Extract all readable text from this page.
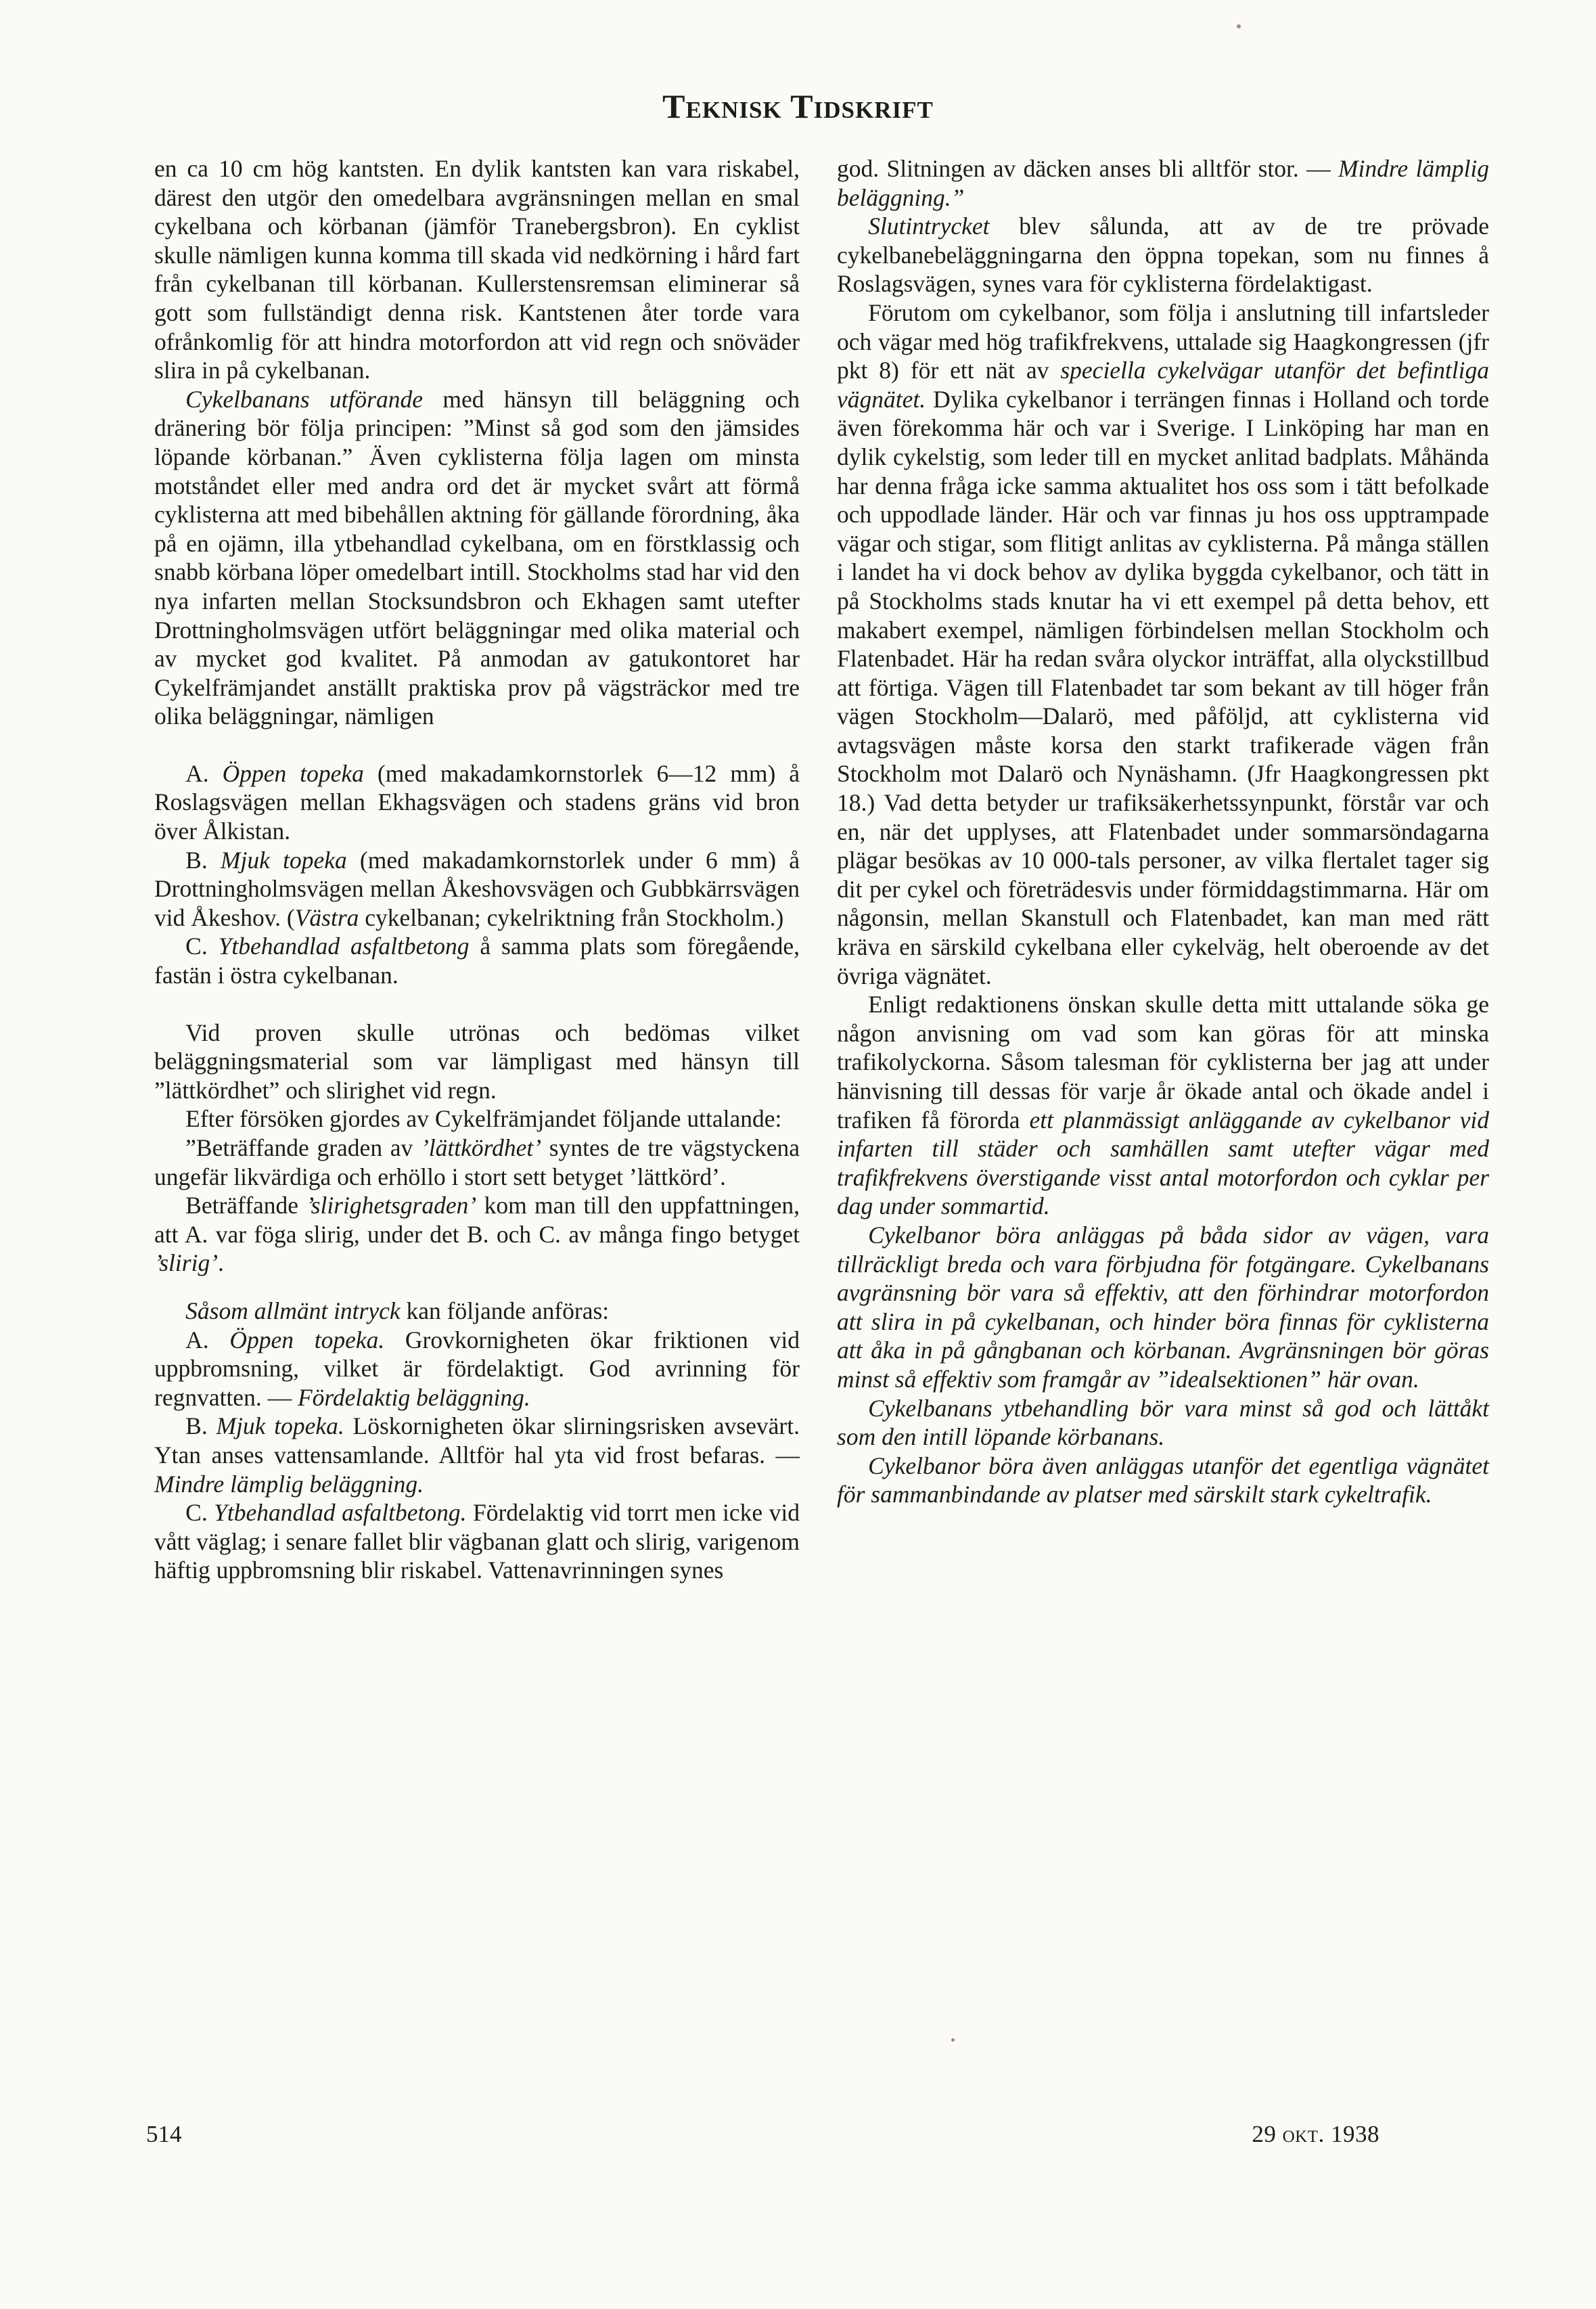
Teknisk Tidskrift

en ca 10 cm hög kantsten. En dylik kantsten kan vara riskabel, därest den utgör den omedelbara avgränsningen mellan en smal cykelbana och körbanan (jämför Tranebergsbron). En cyklist skulle nämligen kunna komma till skada vid nedkörning i hård fart från cykelbanan till körbanan. Kullerstensremsan eliminerar så gott som fullständigt denna risk. Kantstenen åter torde vara ofrånkomlig för att hindra motorfordon att vid regn och snöväder slira in på cykelbanan.

Cykelbanans utförande med hänsyn till beläggning och dränering bör följa principen: ”Minst så god som den jämsides löpande körbanan.” Även cyklisterna följa lagen om minsta motståndet eller med andra ord det är mycket svårt att förmå cyklisterna att med bibehållen aktning för gällande förordning, åka på en ojämn, illa ytbehandlad cykelbana, om en förstklassig och snabb körbana löper omedelbart intill. Stockholms stad har vid den nya infarten mellan Stocksundsbron och Ekhagen samt utefter Drottningholmsvägen utfört beläggningar med olika material och av mycket god kvalitet. På anmodan av gatukontoret har Cykelfrämjandet anställt praktiska prov på vägsträckor med tre olika beläggningar, nämligen

A. Öppen topeka (med makadamkornstorlek 6—12 mm) å Roslagsvägen mellan Ekhagsvägen och stadens gräns vid bron över Ålkistan.

B. Mjuk topeka (med makadamkornstorlek under 6 mm) å Drottningholmsvägen mellan Åkeshovsvägen och Gubbkärrsvägen vid Åkeshov. (Västra cykelbanan; cykelriktning från Stockholm.)

C. Ytbehandlad asfaltbetong å samma plats som föregående, fastän i östra cykelbanan.

Vid proven skulle utrönas och bedömas vilket beläggningsmaterial som var lämpligast med hänsyn till ”lättkördhet” och slirighet vid regn.

Efter försöken gjordes av Cykelfrämjandet följande uttalande:

”Beträffande graden av ’lättkördhet’ syntes de tre vägstyckena ungefär likvärdiga och erhöllo i stort sett betyget ’lättkörd’.

Beträffande ’slirighetsgraden’ kom man till den uppfattningen, att A. var föga slirig, under det B. och C. av många fingo betyget ’slirig’.

Såsom allmänt intryck kan följande anföras:

A. Öppen topeka. Grovkornigheten ökar friktionen vid uppbromsning, vilket är fördelaktigt. God avrinning för regnvatten. — Fördelaktig beläggning.

B. Mjuk topeka. Löskornigheten ökar slirningsrisken avsevärt. Ytan anses vattensamlande. Alltför hal yta vid frost befaras. — Mindre lämplig beläggning.

C. Ytbehandlad asfaltbetong. Fördelaktig vid torrt men icke vid vått väglag; i senare fallet blir vägbanan glatt och slirig, varigenom häftig uppbromsning blir riskabel. Vattenavrinningen synes

god. Slitningen av däcken anses bli alltför stor. — Mindre lämplig beläggning.”

Slutintrycket blev sålunda, att av de tre prövade cykelbanebeläggningarna den öppna topekan, som nu finnes å Roslagsvägen, synes vara för cyklisterna fördelaktigast.

Förutom om cykelbanor, som följa i anslutning till infartsleder och vägar med hög trafikfrekvens, uttalade sig Haagkongressen (jfr pkt 8) för ett nät av speciella cykelvägar utanför det befintliga vägnätet. Dylika cykelbanor i terrängen finnas i Holland och torde även förekomma här och var i Sverige. I Linköping har man en dylik cykelstig, som leder till en mycket anlitad badplats. Måhända har denna fråga icke samma aktualitet hos oss som i tätt befolkade och uppodlade länder. Här och var finnas ju hos oss upptrampade vägar och stigar, som flitigt anlitas av cyklisterna. På många ställen i landet ha vi dock behov av dylika byggda cykelbanor, och tätt in på Stockholms stads knutar ha vi ett exempel på detta behov, ett makabert exempel, nämligen förbindelsen mellan Stockholm och Flatenbadet. Här ha redan svåra olyckor inträffat, alla olyckstillbud att förtiga. Vägen till Flatenbadet tar som bekant av till höger från vägen Stockholm—Dalarö, med påföljd, att cyklisterna vid avtagsvägen måste korsa den starkt trafikerade vägen från Stockholm mot Dalarö och Nynäshamn. (Jfr Haagkongressen pkt 18.) Vad detta betyder ur trafiksäkerhetssynpunkt, förstår var och en, när det upplyses, att Flatenbadet under sommarsöndagarna plägar besökas av 10 000-tals personer, av vilka flertalet tager sig dit per cykel och företrädesvis under förmiddagstimmarna. Här om någonsin, mellan Skanstull och Flatenbadet, kan man med rätt kräva en särskild cykelbana eller cykelväg, helt oberoende av det övriga vägnätet.

Enligt redaktionens önskan skulle detta mitt uttalande söka ge någon anvisning om vad som kan göras för att minska trafikolyckorna. Såsom talesman för cyklisterna ber jag att under hänvisning till dessas för varje år ökade antal och ökade andel i trafiken få förorda ett planmässigt anläggande av cykelbanor vid infarten till städer och samhällen samt utefter vägar med trafikfrekvens överstigande visst antal motorfordon och cyklar per dag under sommartid.

Cykelbanor böra anläggas på båda sidor av vägen, vara tillräckligt breda och vara förbjudna för fotgängare. Cykelbanans avgränsning bör vara så effektiv, att den förhindrar motorfordon att slira in på cykelbanan, och hinder böra finnas för cyklisterna att åka in på gångbanan och körbanan. Avgränsningen bör göras minst så effektiv som framgår av ”idealsektionen” här ovan.

Cykelbanans ytbehandling bör vara minst så god och lättåkt som den intill löpande körbanans.

Cykelbanor böra även anläggas utanför det egentliga vägnätet för sammanbindande av platser med särskilt stark cykeltrafik.

514	29 okt. 1938
